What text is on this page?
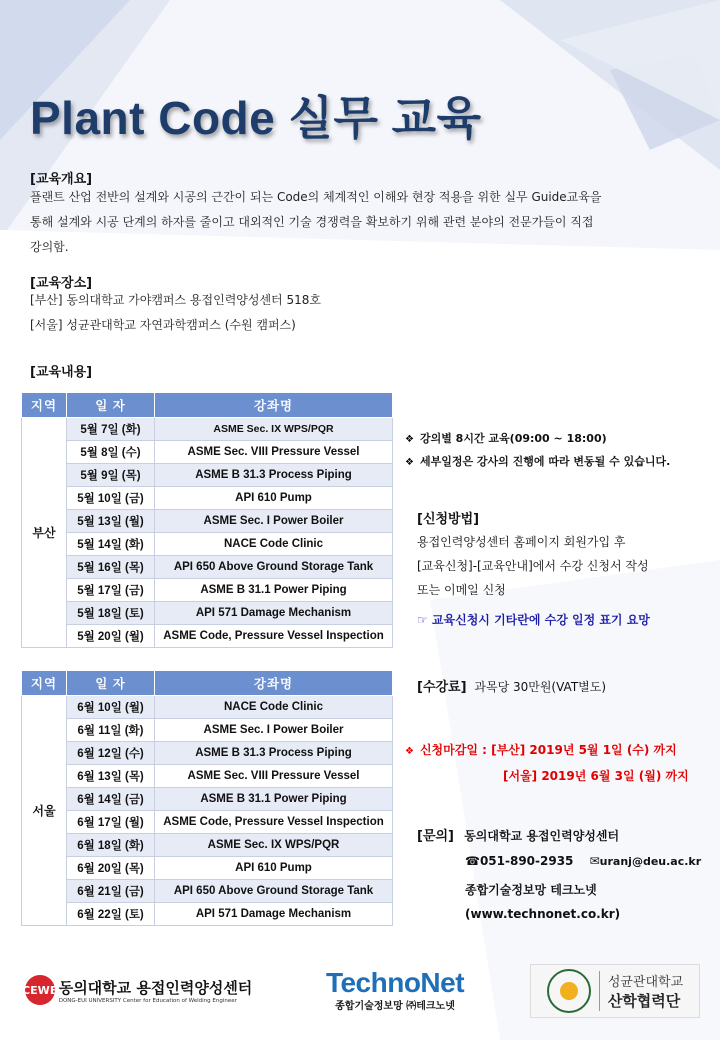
Plant Code 실무 교육
[교육개요]
플랜트 산업 전반의 설계와 시공의 근간이 되는 Code의 체계적인 이해와 현장 적용을 위한 실무 Guide교육을
통해 설계와 시공 단계의 하자를 줄이고 대외적인 기술 경쟁력을 확보하기 위해 관련 분야의 전문가들이 직접
강의함.
[교육장소]
[부산] 동의대학교 가야캠퍼스 용접인력양성센터 518호
[서울] 성균관대학교 자연과학캠퍼스 (수원 캠퍼스)
[교육내용]
지역	일 자	강좌명
부산	5월 7일 (화)	ASME Sec. IX WPS/PQR
	5월 8일 (수)	ASME Sec. VIII Pressure Vessel
	5월 9일 (목)	ASME B 31.3 Process Piping
	5월 10일 (금)	API 610 Pump
	5월 13일 (월)	ASME Sec. I Power Boiler
	5월 14일 (화)	NACE Code Clinic
	5월 16일 (목)	API 650 Above Ground Storage Tank
	5월 17일 (금)	ASME B 31.1 Power Piping
	5월 18일 (토)	API 571 Damage Mechanism
	5월 20일 (월)	ASME Code, Pressure Vessel Inspection
지역	일 자	강좌명
서울	6월 10일 (월)	NACE Code Clinic
	6월 11일 (화)	ASME Sec. I Power Boiler
	6월 12일 (수)	ASME B 31.3 Process Piping
	6월 13일 (목)	ASME Sec. VIII Pressure Vessel
	6월 14일 (금)	ASME B 31.1 Power Piping
	6월 17일 (월)	ASME Code, Pressure Vessel Inspection
	6월 18일 (화)	ASME Sec. IX WPS/PQR
	6월 20일 (목)	API 610 Pump
	6월 21일 (금)	API 650 Above Ground Storage Tank
	6월 22일 (토)	API 571 Damage Mechanism
❖ 강의별 8시간 교육(09:00 ~ 18:00)
❖ 세부일정은 강사의 진행에 따라 변동될 수 있습니다.
[신청방법]
용접인력양성센터 홈페이지 회원가입 후
[교육신청]-[교육안내]에서 수강 신청서 작성
또는 이메일 신청
☞ 교육신청시 기타란에 수강 일정 표기 요망
[수강료] 과목당 30만원(VAT별도)
❖ 신청마감일 : [부산] 2019년 5월 1일 (수) 까지
[서울] 2019년 6월 3일 (월) 까지
[문의] 동의대학교 용접인력양성센터
☎051-890-2935 ✉uranj@deu.ac.kr
종합기술정보망 테크노넷
(www.technonet.co.kr)
CEWE 동의대학교 용접인력양성센터
DONG-EUI UNIVERSITY Center for Education of Welding Engineer
TechnoNet
종합기술정보망 ㈜테크노넷
성균관대학교
산학협력단
